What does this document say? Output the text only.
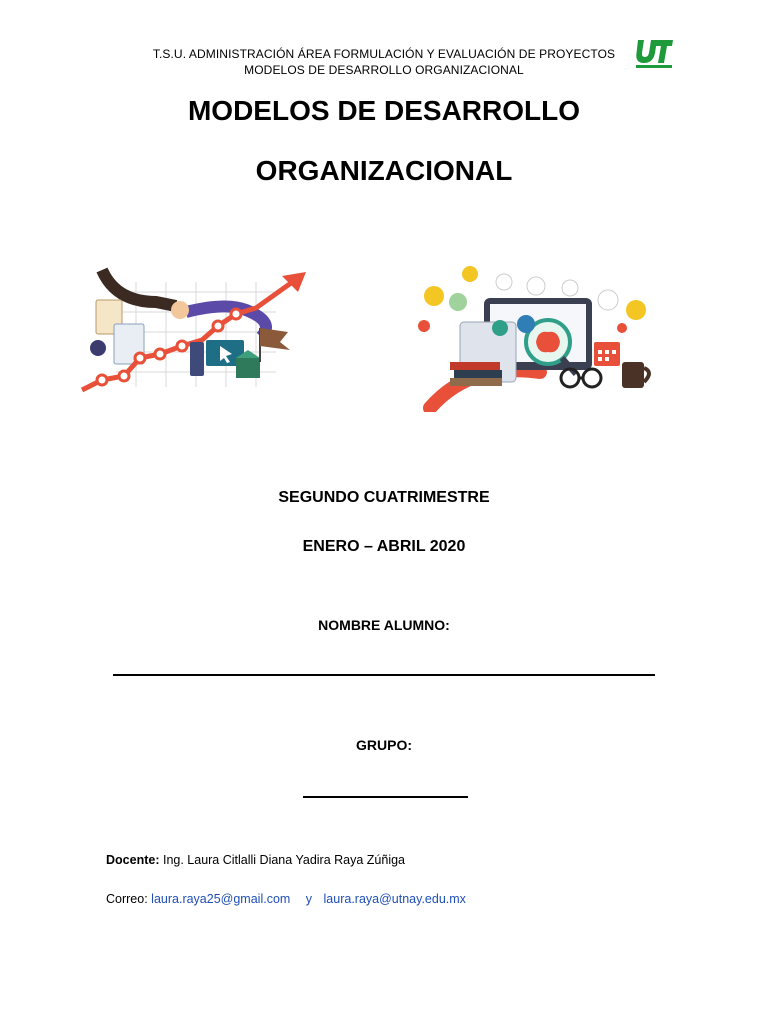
T.S.U. ADMINISTRACIÓN ÁREA FORMULACIÓN Y EVALUACIÓN DE PROYECTOS
MODELOS DE DESARROLLO ORGANIZACIONAL
MODELOS DE DESARROLLO
ORGANIZACIONAL
SEGUNDO CUATRIMESTRE
ENERO – ABRIL 2020
NOMBRE ALUMNO:
GRUPO:
Docente: Ing. Laura Citlalli Diana Yadira Raya Zúñiga
Correo: laura.raya25@gmail.com y laura.raya@utnay.edu.mx
